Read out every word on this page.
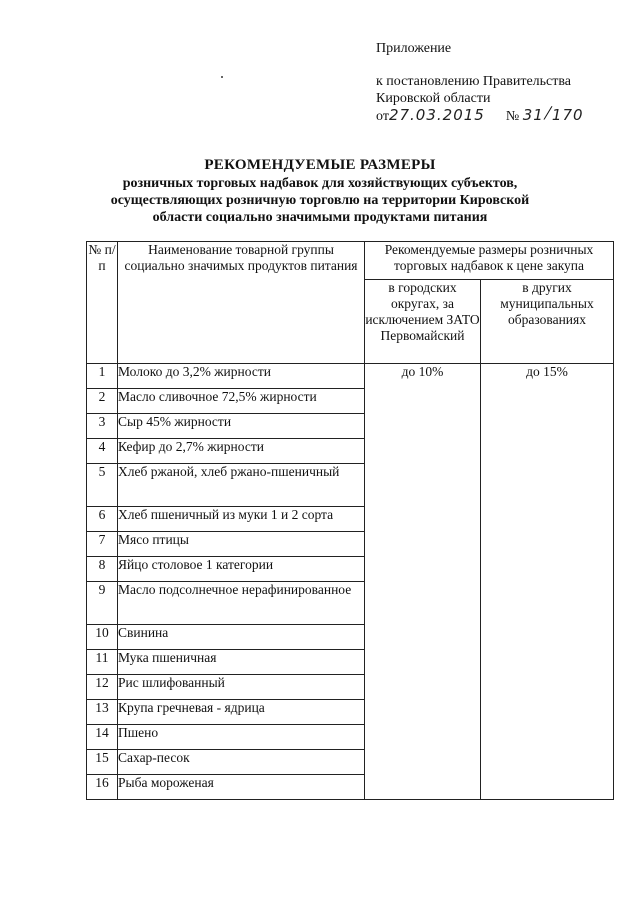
Приложение
к постановлению Правительства
Кировской области
от27.03.2015 № 31/170
РЕКОМЕНДУЕМЫЕ РАЗМЕРЫ
розничных торговых надбавок для хозяйствующих субъектов,
осуществляющих розничную торговлю на территории Кировской
области социально значимыми продуктами питания
№ п/п	Наименование товарной группы социально значимых продуктов питания	Рекомендуемые размеры розничных торговых надбавок к цене закупа	
		в городских округах, за исключением ЗАТО Первомайский	в других муниципальных образованиях
1	Молоко до 3,2% жирности	до 10%	до 15%
2	Масло сливочное 72,5% жирности		
3	Сыр 45% жирности		
4	Кефир до 2,7% жирности		
5	Хлеб ржаной, хлеб ржано-пшеничный		
6	Хлеб пшеничный из муки 1 и 2 сорта		
7	Мясо птицы		
8	Яйцо столовое 1 категории		
9	Масло подсолнечное нерафинированное		
10	Свинина		
11	Мука пшеничная		
12	Рис шлифованный		
13	Крупа гречневая - ядрица		
14	Пшено		
15	Сахар-песок		
16	Рыба мороженая		
